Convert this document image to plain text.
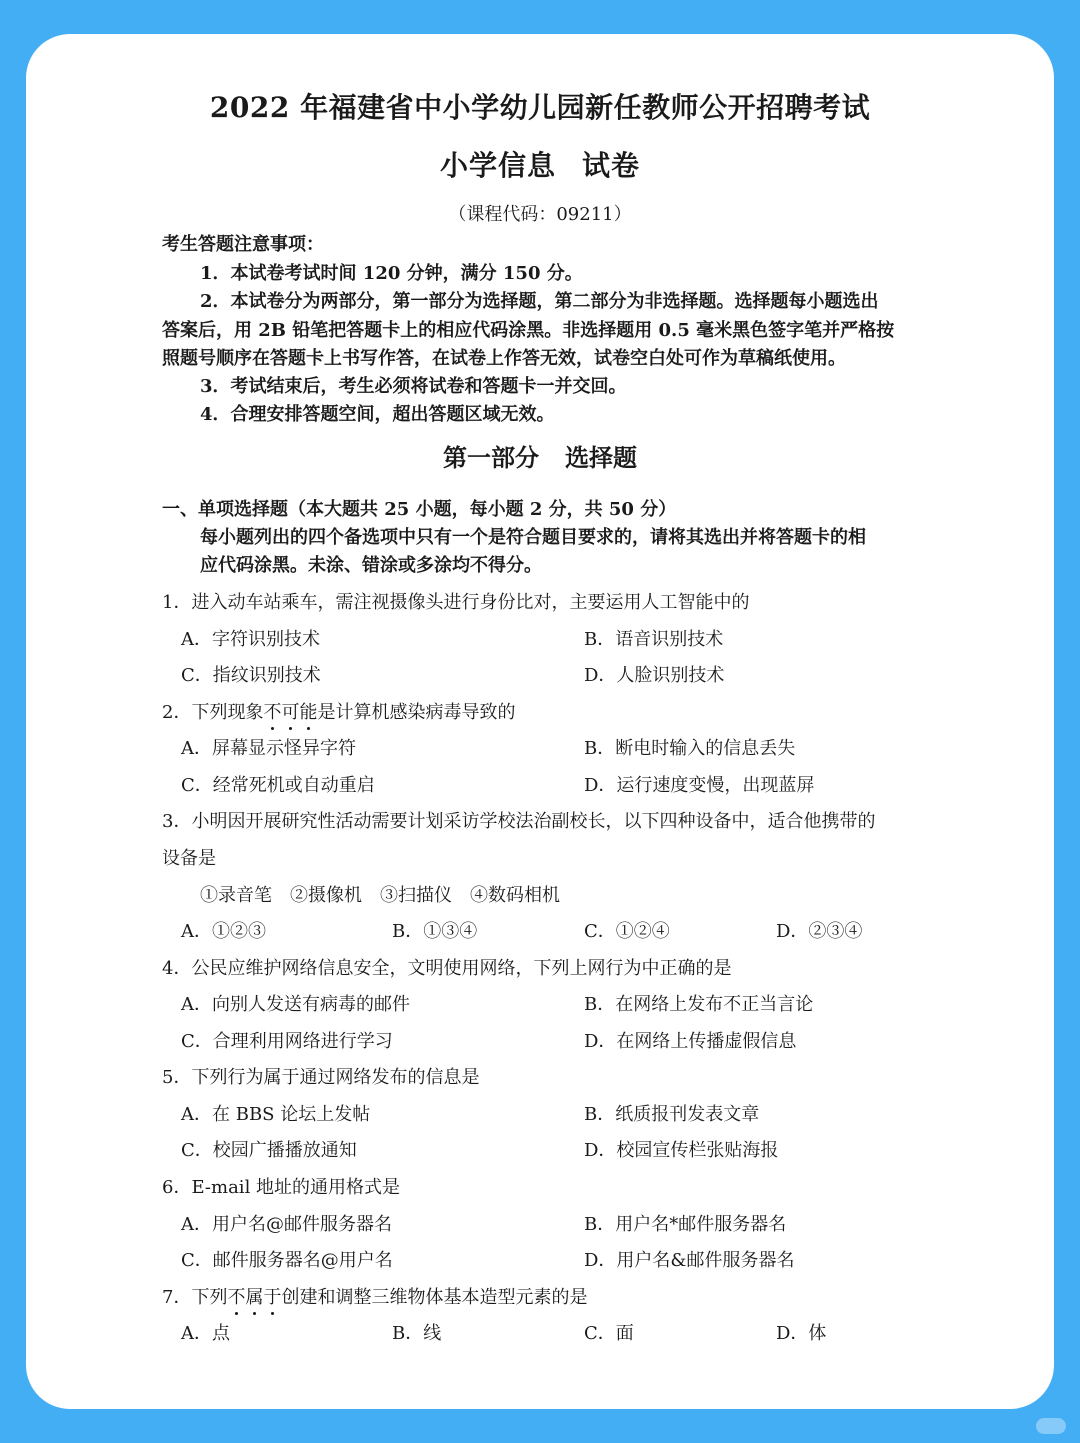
2022 年福建省中小学幼儿园新任教师公开招聘考试
小学信息 试卷
（课程代码：09211）
考生答题注意事项：
1．本试卷考试时间 120 分钟，满分 150 分。
2．本试卷分为两部分，第一部分为选择题，第二部分为非选择题。选择题每小题选出
答案后，用 2B 铅笔把答题卡上的相应代码涂黑。非选择题用 0.5 毫米黑色签字笔并严格按
照题号顺序在答题卡上书写作答，在试卷上作答无效，试卷空白处可作为草稿纸使用。
3．考试结束后，考生必须将试卷和答题卡一并交回。
4．合理安排答题空间，超出答题区域无效。
第一部分 选择题
一、单项选择题（本大题共 25 小题，每小题 2 分，共 50 分）
每小题列出的四个备选项中只有一个是符合题目要求的，请将其选出并将答题卡的相
应代码涂黑。未涂、错涂或多涂均不得分。
1．进入动车站乘车，需注视摄像头进行身份比对，主要运用人工智能中的
A．字符识别技术	B．语音识别技术
C．指纹识别技术	D．人脸识别技术
2．下列现象不可能是计算机感染病毒导致的
A．屏幕显示怪异字符	B．断电时输入的信息丢失
C．经常死机或自动重启	D．运行速度变慢，出现蓝屏
3．小明因开展研究性活动需要计划采访学校法治副校长，以下四种设备中，适合他携带的
设备是
①录音笔　②摄像机　③扫描仪　④数码相机
A．①②③	B．①③④	C．①②④	D．②③④
4．公民应维护网络信息安全，文明使用网络，下列上网行为中正确的是
A．向别人发送有病毒的邮件	B．在网络上发布不正当言论
C．合理利用网络进行学习	D．在网络上传播虚假信息
5．下列行为属于通过网络发布的信息是
A．在 BBS 论坛上发帖	B．纸质报刊发表文章
C．校园广播播放通知	D．校园宣传栏张贴海报
6．E-mail 地址的通用格式是
A．用户名@邮件服务器名	B．用户名*邮件服务器名
C．邮件服务器名@用户名	D．用户名&邮件服务器名
7．下列不属于创建和调整三维物体基本造型元素的是
A．点	B．线	C．面	D．体
